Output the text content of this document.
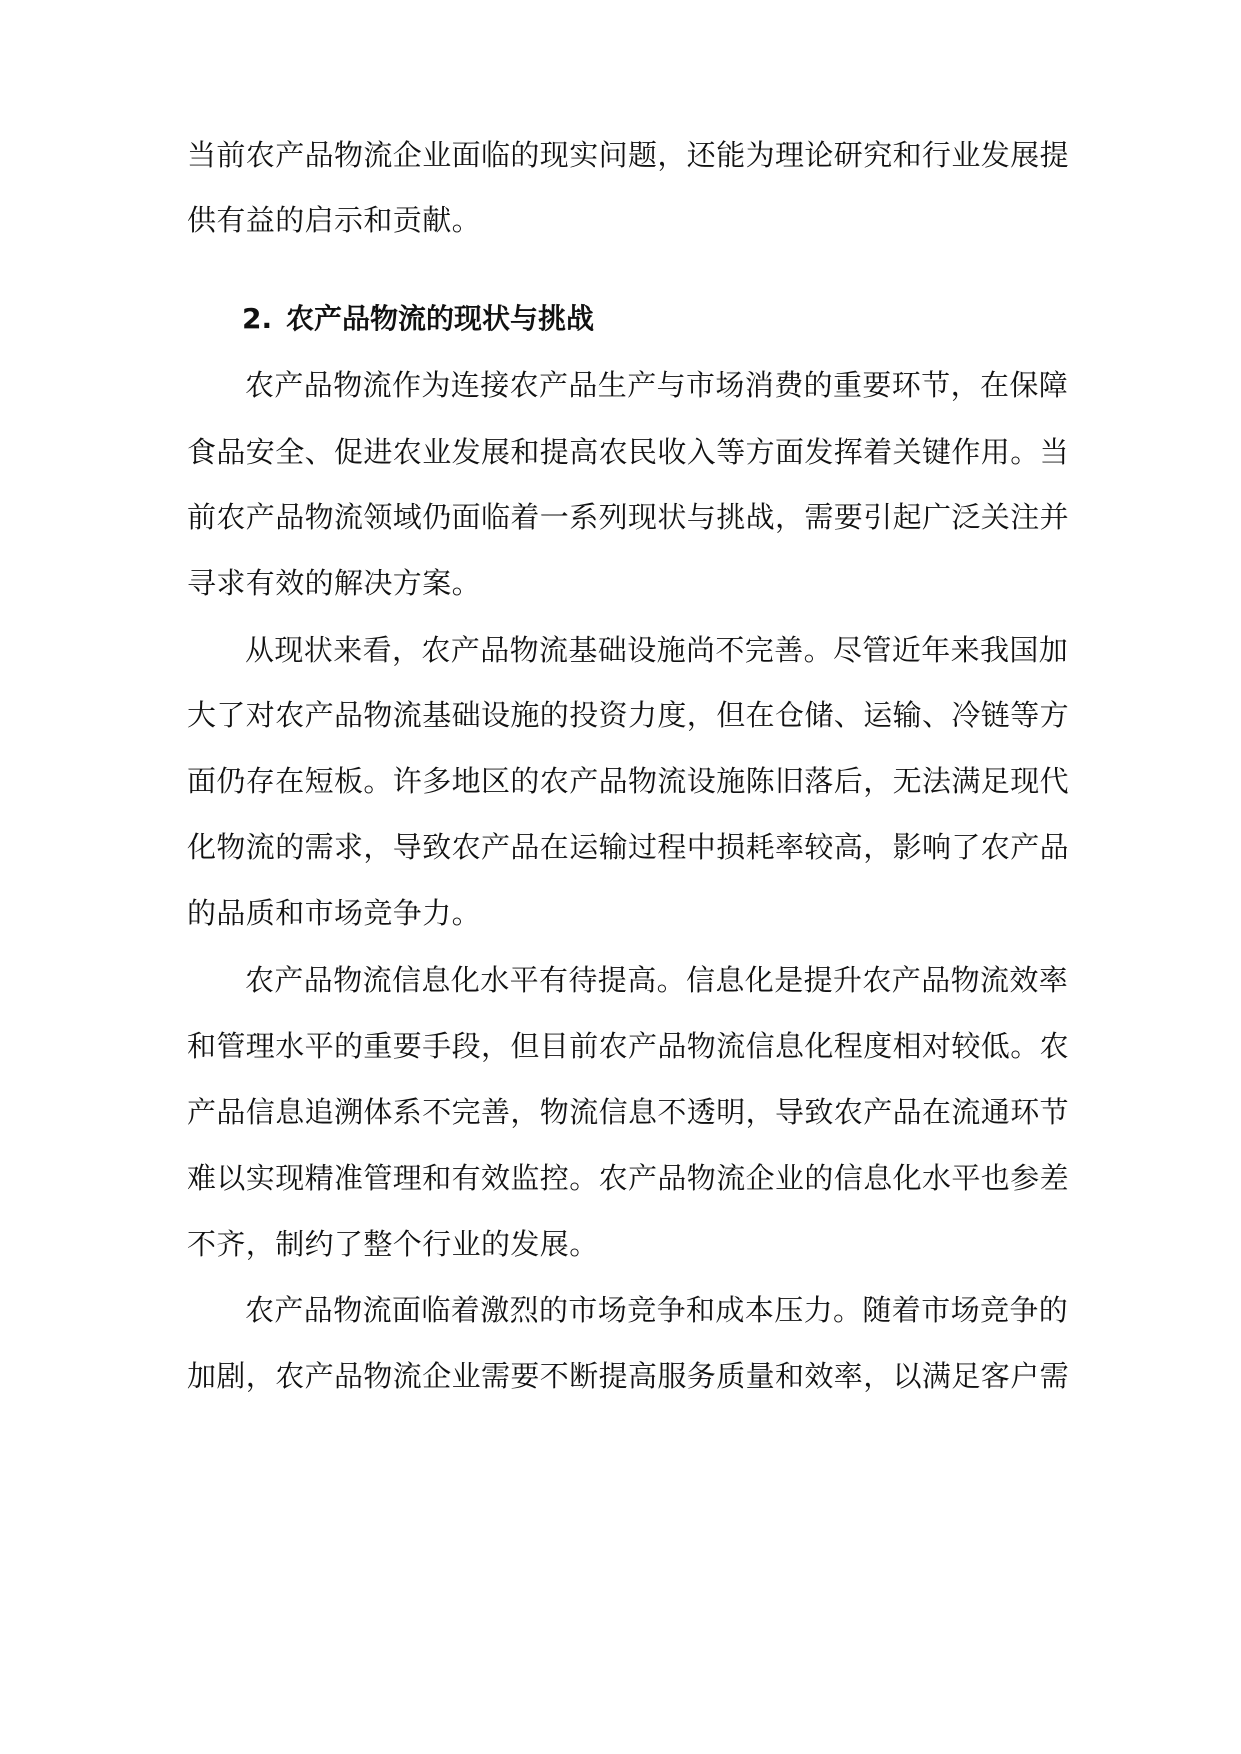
当前农产品物流企业面临的现实问题，还能为理论研究和行业发展提
供有益的启示和贡献。
2. 农产品物流的现状与挑战
农产品物流作为连接农产品生产与市场消费的重要环节，在保障
食品安全、促进农业发展和提高农民收入等方面发挥着关键作用。当
前农产品物流领域仍面临着一系列现状与挑战，需要引起广泛关注并
寻求有效的解决方案。
从现状来看，农产品物流基础设施尚不完善。尽管近年来我国加
大了对农产品物流基础设施的投资力度，但在仓储、运输、冷链等方
面仍存在短板。许多地区的农产品物流设施陈旧落后，无法满足现代
化物流的需求，导致农产品在运输过程中损耗率较高，影响了农产品
的品质和市场竞争力。
农产品物流信息化水平有待提高。信息化是提升农产品物流效率
和管理水平的重要手段，但目前农产品物流信息化程度相对较低。农
产品信息追溯体系不完善，物流信息不透明，导致农产品在流通环节
难以实现精准管理和有效监控。农产品物流企业的信息化水平也参差
不齐，制约了整个行业的发展。
农产品物流面临着激烈的市场竞争和成本压力。随着市场竞争的
加剧，农产品物流企业需要不断提高服务质量和效率，以满足客户需
